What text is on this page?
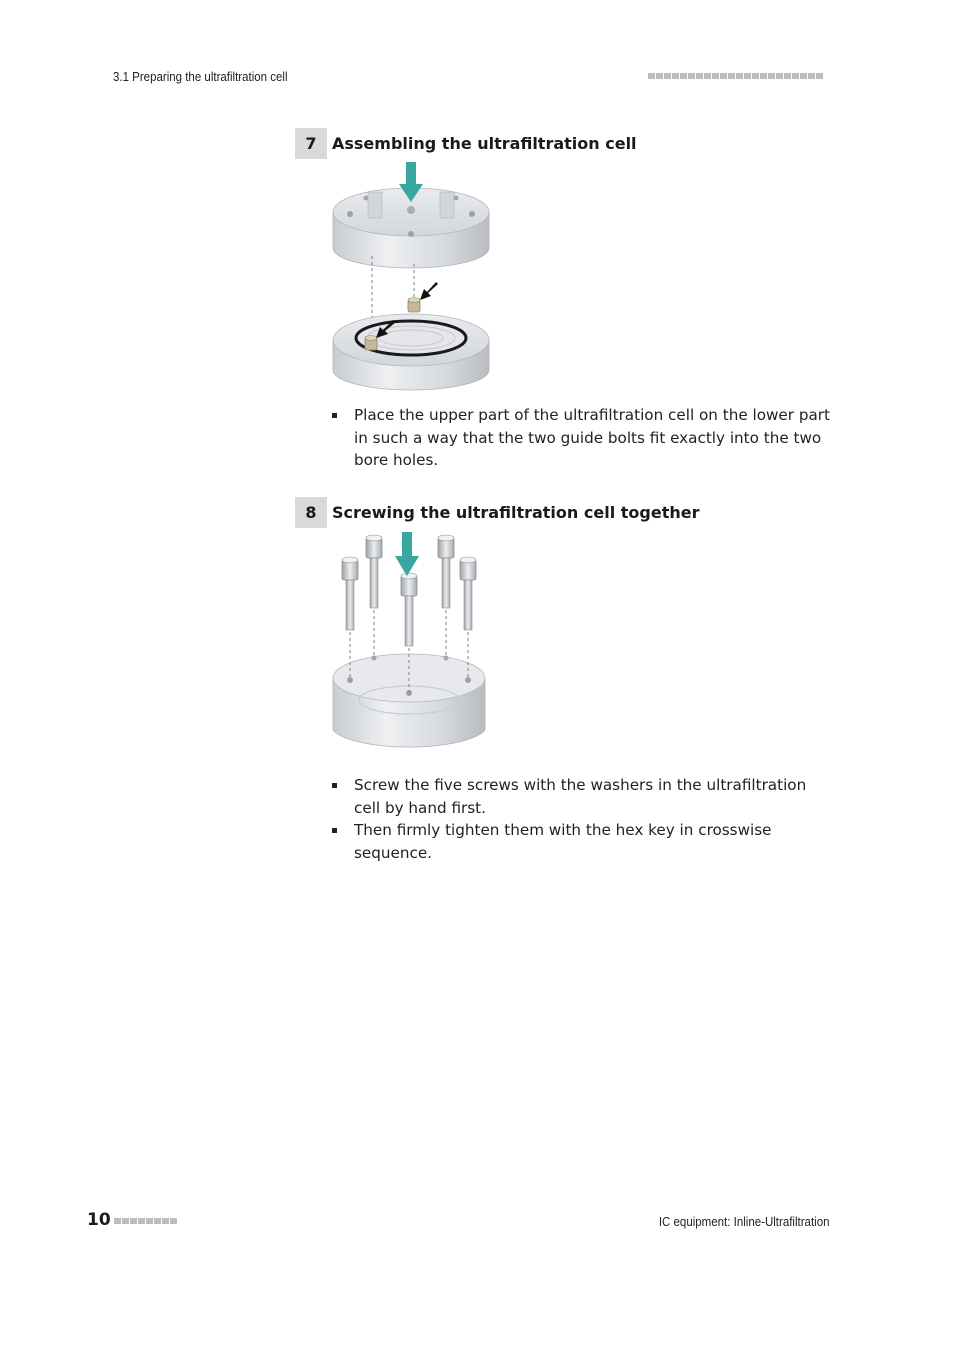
3.1 Preparing the ultrafiltration cell
7 Assembling the ultrafiltration cell
Place the upper part of the ultrafiltration cell on the lower part in such a way that the two guide bolts fit exactly into the two bore holes.
8 Screwing the ultrafiltration cell together
Screw the five screws with the washers in the ultrafiltration cell by hand first.
Then firmly tighten them with the hex key in crosswise sequence.
10	IC equipment: Inline-Ultrafiltration
